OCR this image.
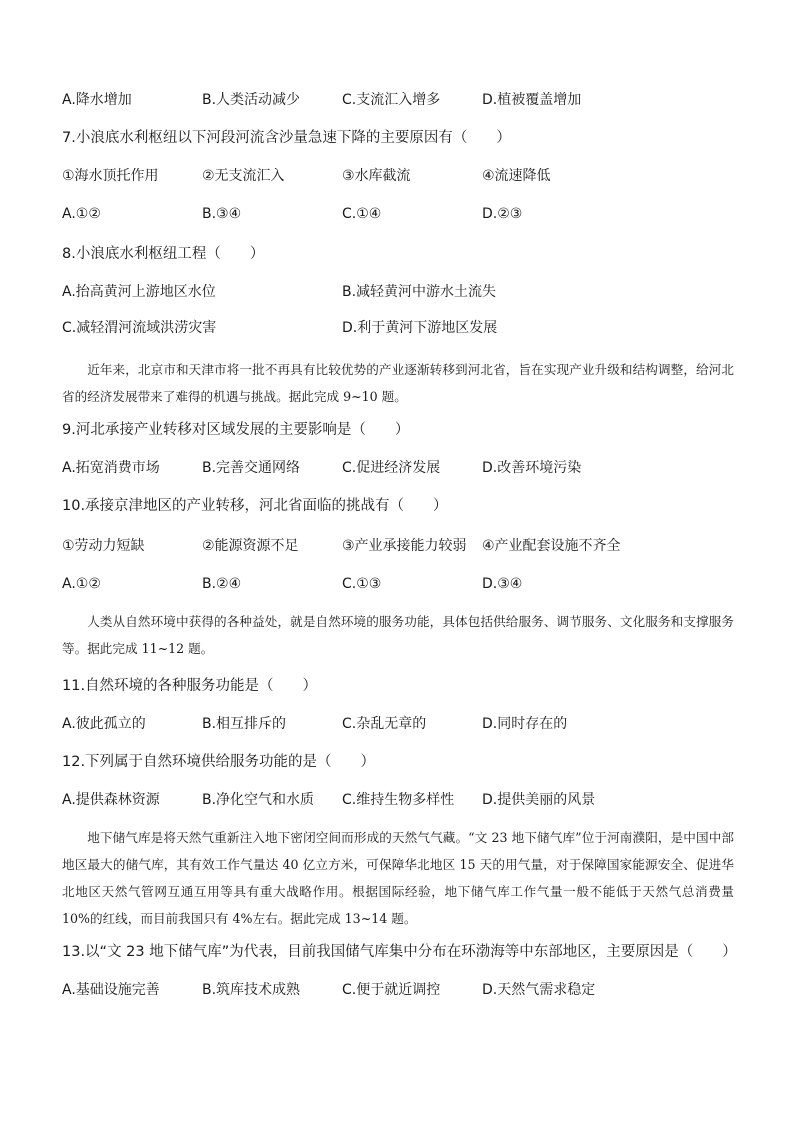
A.降水增加	B.人类活动减少	C.支流汇入增多	D.植被覆盖增加
7.小浪底水利枢纽以下河段河流含沙量急速下降的主要原因有（　　）
①海水顶托作用	②无支流汇入	③水库截流	④流速降低
A.①②	B.③④	C.①④	D.②③
8.小浪底水利枢纽工程（　　）
A.抬高黄河上游地区水位	B.减轻黄河中游水土流失
C.减轻渭河流域洪涝灾害	D.利于黄河下游地区发展

近年来，北京市和天津市将一批不再具有比较优势的产业逐渐转移到河北省，旨在实现产业升级和结构调整，给河北省的经济发展带来了难得的机遇与挑战。据此完成 9~10 题。

9.河北承接产业转移对区域发展的主要影响是（　　）
A.拓宽消费市场	B.完善交通网络	C.促进经济发展	D.改善环境污染
10.承接京津地区的产业转移，河北省面临的挑战有（　　）
①劳动力短缺	②能源资源不足	③产业承接能力较弱 ④产业配套设施不齐全
A.①②	B.②④	C.①③	D.③④

人类从自然环境中获得的各种益处，就是自然环境的服务功能，具体包括供给服务、调节服务、文化服务和支撑服务等。据此完成 11~12 题。

11.自然环境的各种服务功能是（　　）
A.彼此孤立的	B.相互排斥的	C.杂乱无章的	D.同时存在的
12.下列属于自然环境供给服务功能的是（　　）
A.提供森林资源	B.净化空气和水质 C.维持生物多样性 D.提供美丽的风景

地下储气库是将天然气重新注入地下密闭空间而形成的天然气气藏。“文 23 地下储气库”位于河南濮阳，是中国中部地区最大的储气库，其有效工作气量达 40 亿立方米，可保障华北地区 15 天的用气量，对于保障国家能源安全、促进华北地区天然气管网互通互用等具有重大战略作用。根据国际经验，地下储气库工作气量一般不能低于天然气总消费量 10%的红线，而目前我国只有 4%左右。据此完成 13~14 题。

13.以“文 23 地下储气库”为代表，目前我国储气库集中分布在环渤海等中东部地区，主要原因是（　　）
A.基础设施完善	B.筑库技术成熟	C.便于就近调控	D.天然气需求稳定
